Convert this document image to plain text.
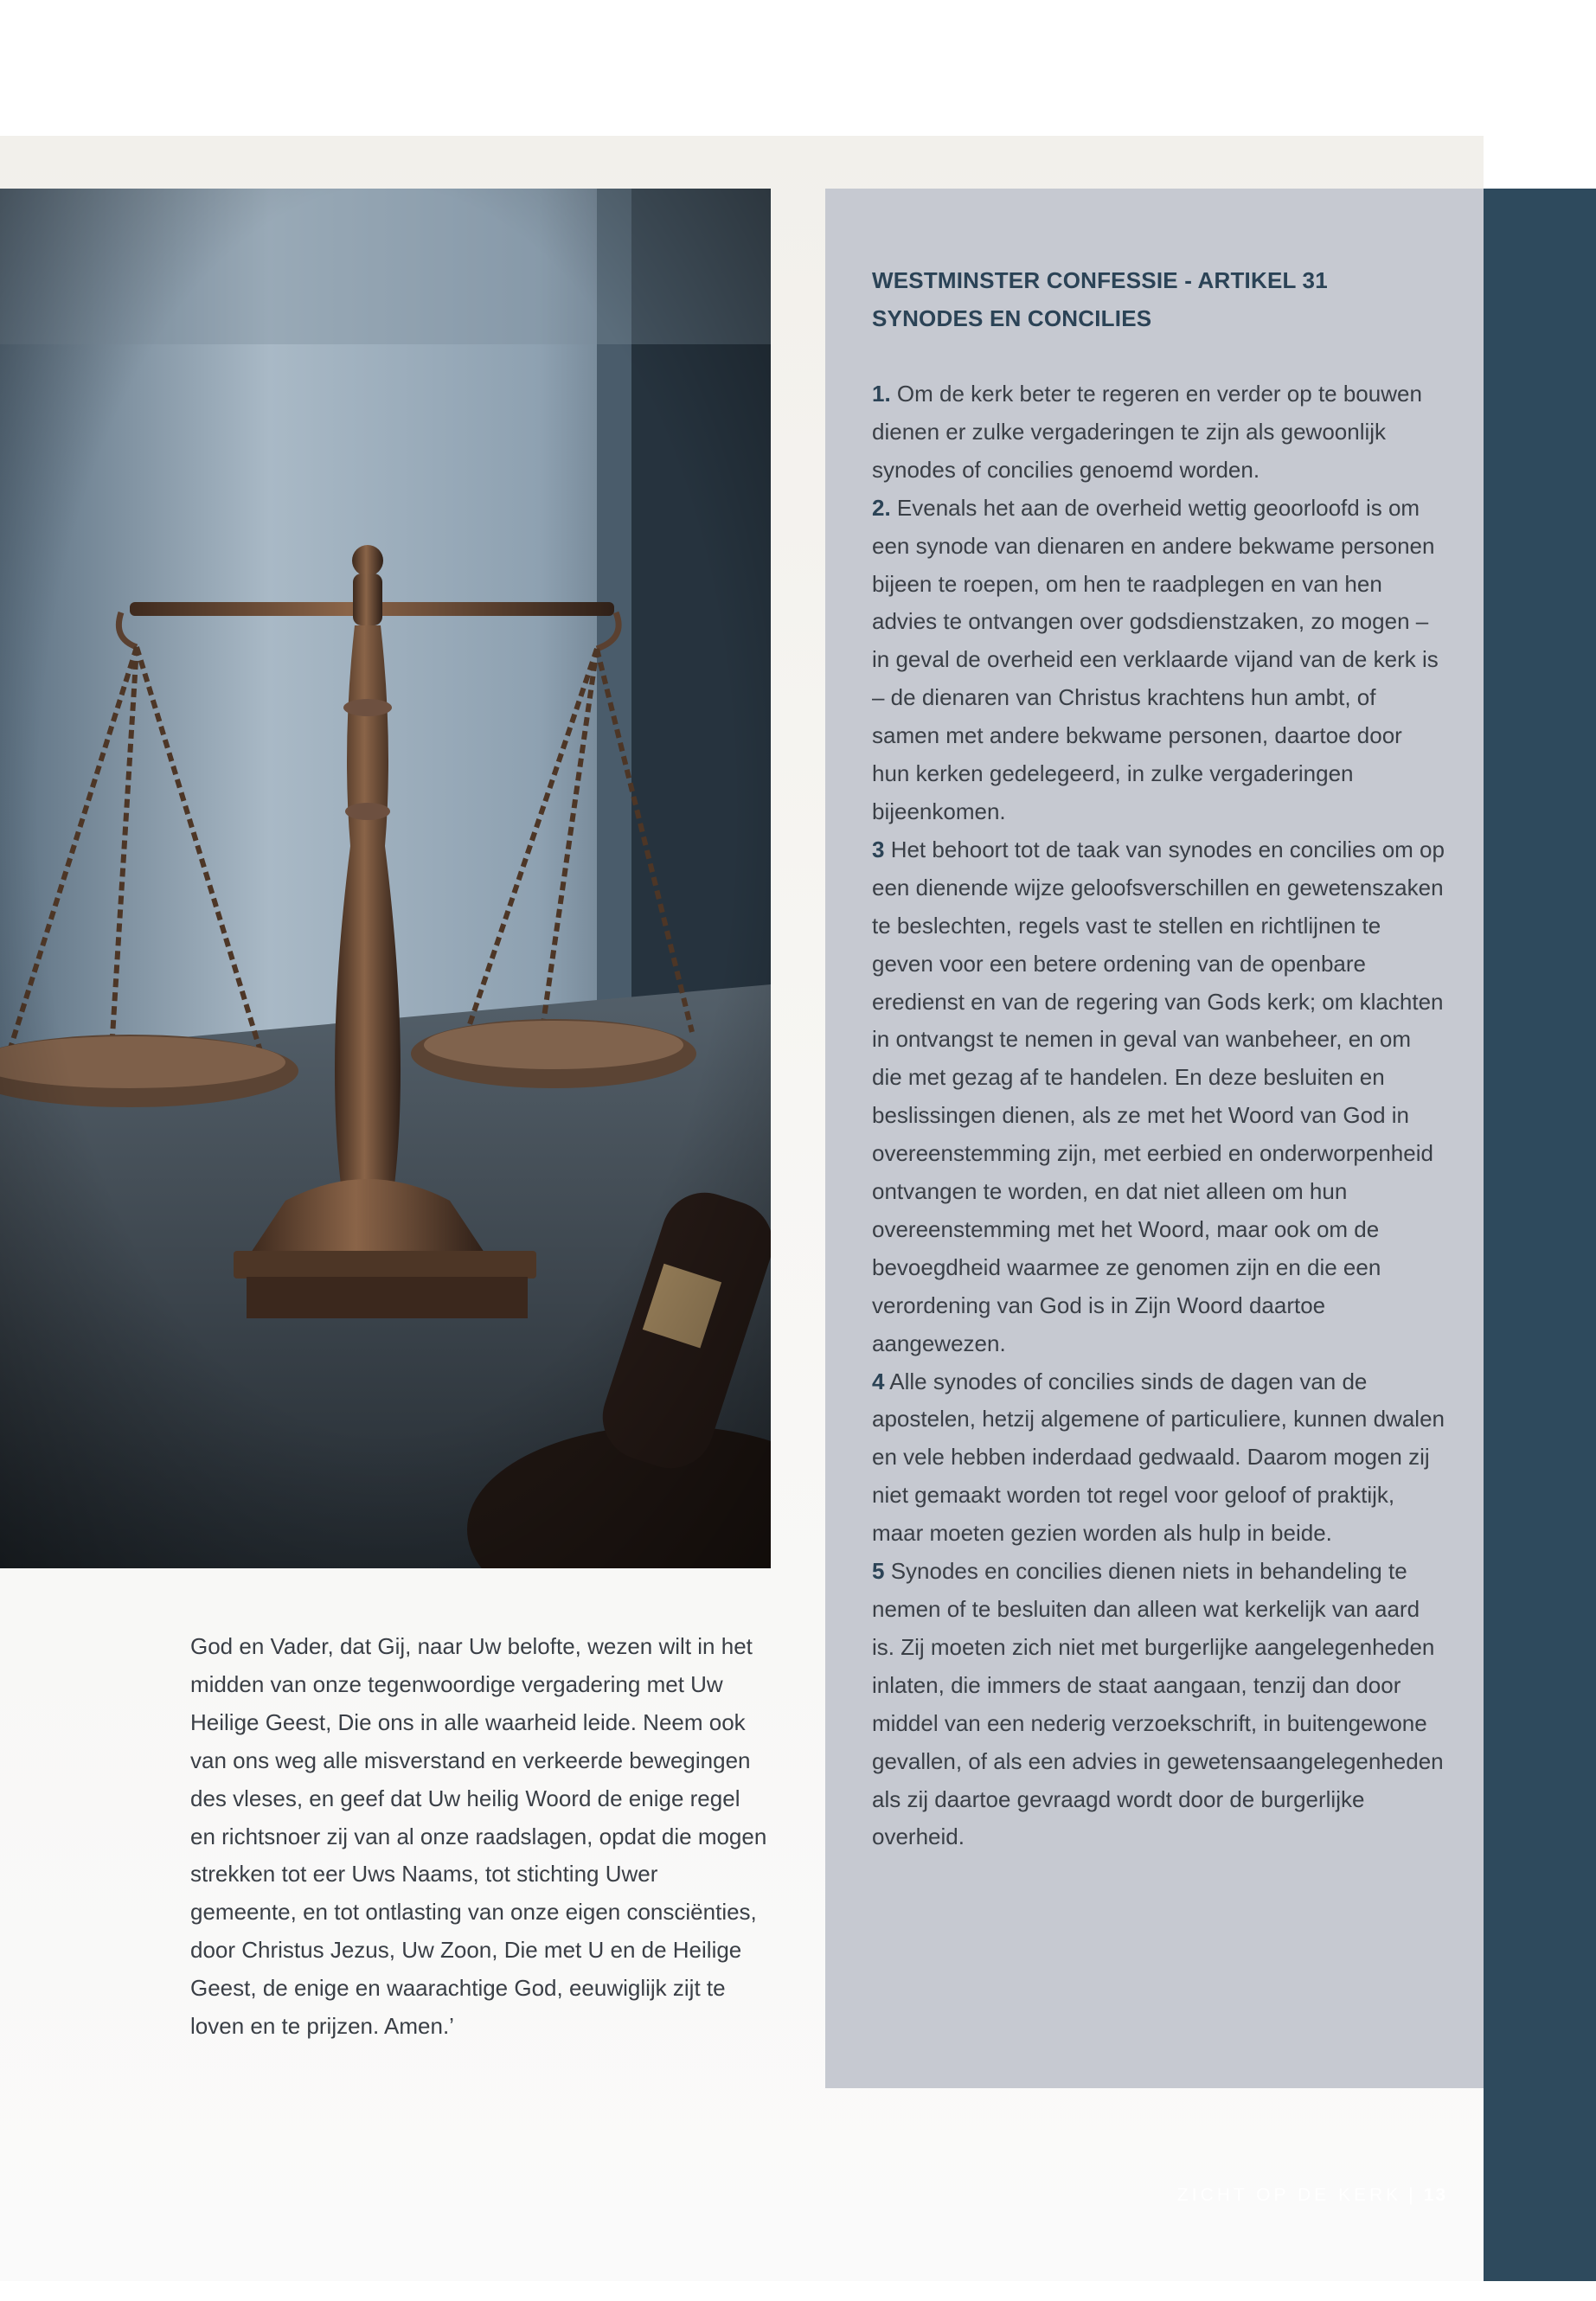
WESTMINSTER CONFESSIE - ARTIKEL 31
SYNODES EN CONCILIES

1. Om de kerk beter te regeren en verder op te bouwen dienen er zulke vergaderingen te zijn als gewoonlijk synodes of concilies genoemd worden.

2. Evenals het aan de overheid wettig geoorloofd is om een synode van dienaren en andere bekwame personen bijeen te roepen, om hen te raadplegen en van hen advies te ontvangen over godsdienstzaken, zo mogen – in geval de overheid een verklaarde vijand van de kerk is – de dienaren van Christus krachtens hun ambt, of samen met andere bekwame personen, daartoe door hun kerken gedelegeerd, in zulke vergaderingen bijeenkomen.

3 Het behoort tot de taak van synodes en concilies om op een dienende wijze geloofsverschillen en gewetenszaken te beslechten, regels vast te stellen en richtlijnen te geven voor een betere ordening van de openbare eredienst en van de regering van Gods kerk; om klachten in ontvangst te nemen in geval van wanbeheer, en om die met gezag af te handelen. En deze besluiten en beslissingen dienen, als ze met het Woord van God in overeenstemming zijn, met eerbied en onderworpenheid ontvangen te worden, en dat niet alleen om hun overeenstemming met het Woord, maar ook om de bevoegdheid waarmee ze genomen zijn en die een verordening van God is in Zijn Woord daartoe aangewezen.

4 Alle synodes of concilies sinds de dagen van de apostelen, hetzij algemene of particuliere, kunnen dwalen en vele hebben inderdaad gedwaald. Daarom mogen zij niet gemaakt worden tot regel voor geloof of praktijk, maar moeten gezien worden als hulp in beide.

5 Synodes en concilies dienen niets in behandeling te nemen of te besluiten dan alleen wat kerkelijk van aard is. Zij moeten zich niet met burgerlijke aangelegenheden inlaten, die immers de staat aangaan, tenzij dan door middel van een nederig verzoekschrift, in buitengewone gevallen, of als een advies in gewetensaangelegenheden als zij daartoe gevraagd wordt door de burgerlijke overheid.

God en Vader, dat Gij, naar Uw belofte, wezen wilt in het midden van onze tegenwoordige vergadering met Uw Heilige Geest, Die ons in alle waarheid leide. Neem ook van ons weg alle misverstand en verkeerde bewegingen des vleses, en geef dat Uw heilig Woord de enige regel en richtsnoer zij van al onze raadslagen, opdat die mogen strekken tot eer Uws Naams, tot stichting Uwer gemeente, en tot ontlasting van onze eigen consciënties, door Christus Jezus, Uw Zoon, Die met U en de Heilige Geest, de enige en waarachtige God, eeuwiglijk zijt te loven en te prijzen. Amen.’

ZICHT OP DE KERK | 13
